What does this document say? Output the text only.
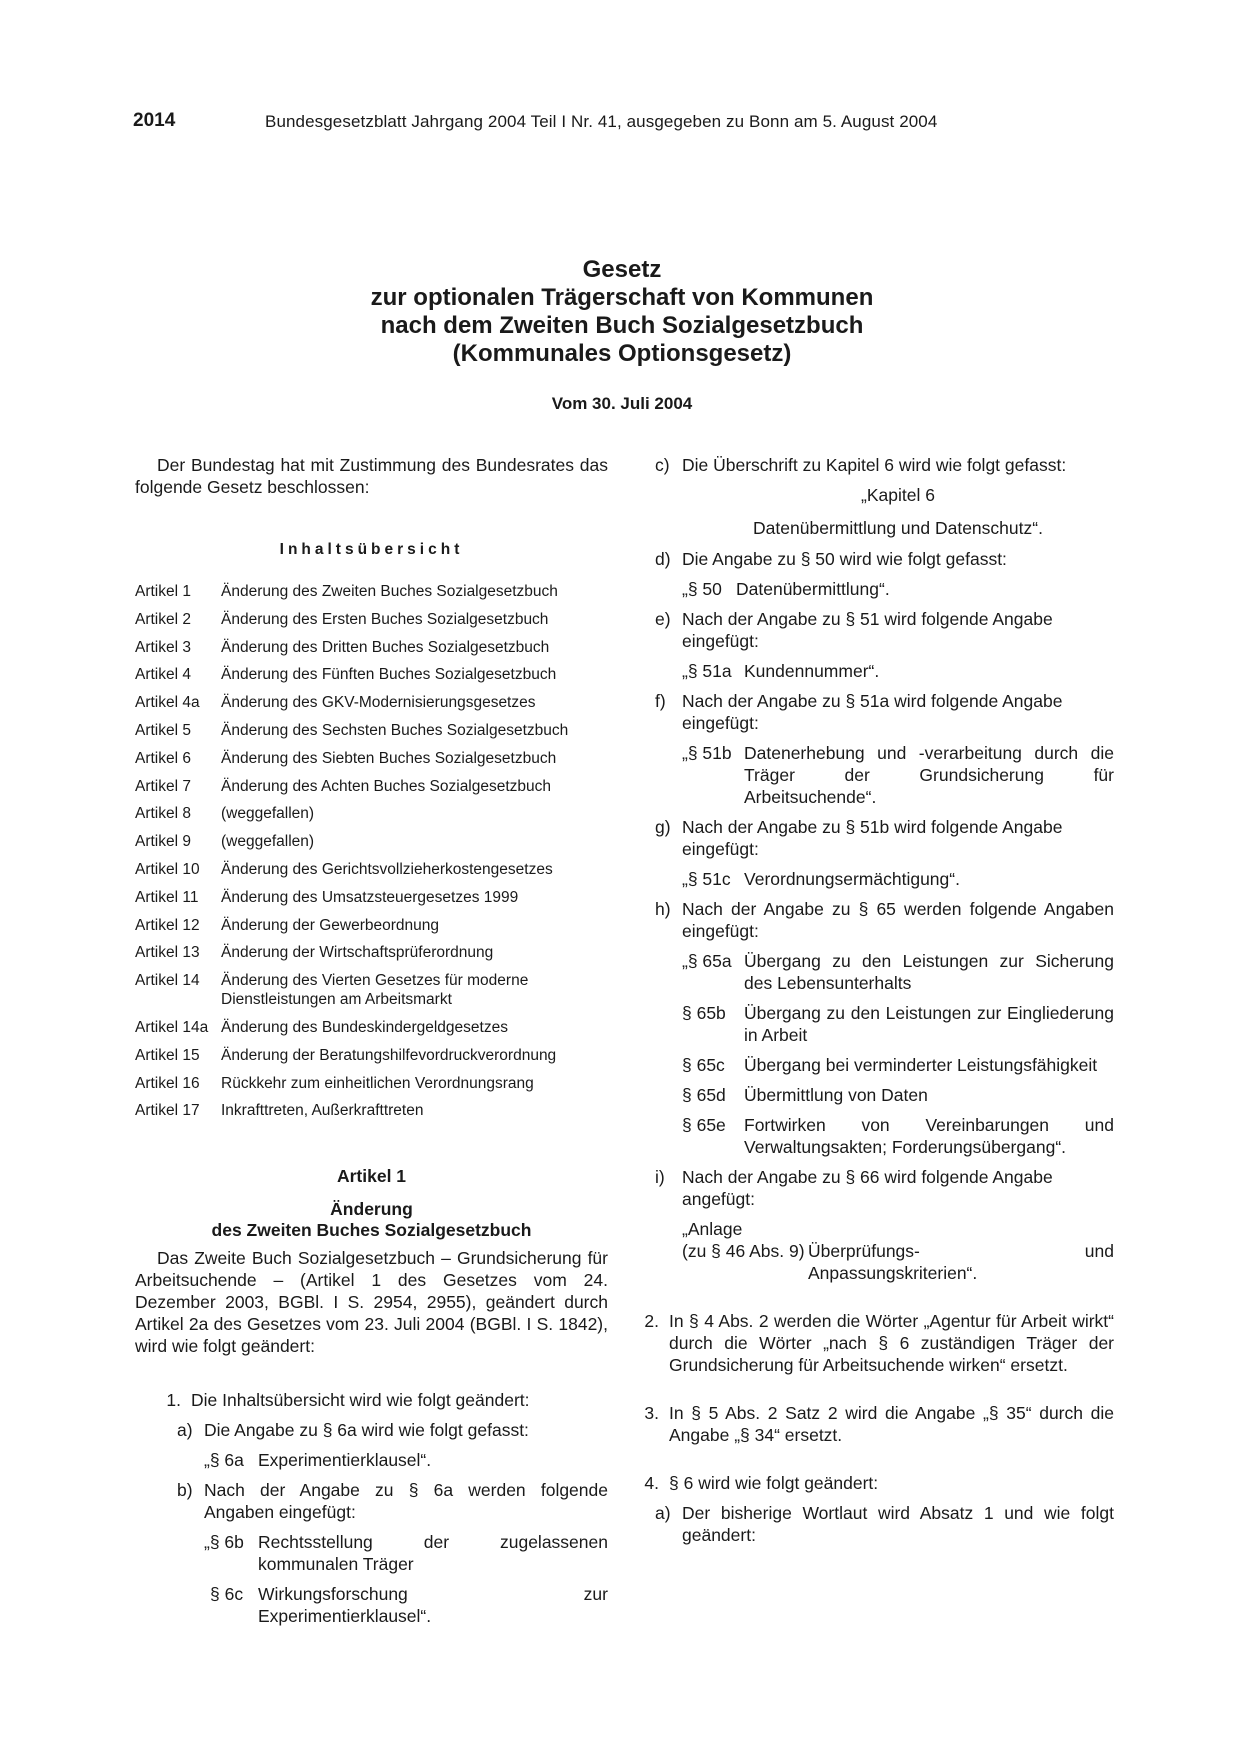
2014	Bundesgesetzblatt Jahrgang 2004 Teil I Nr. 41, ausgegeben zu Bonn am 5. August 2004
Gesetz
zur optionalen Trägerschaft von Kommunen
nach dem Zweiten Buch Sozialgesetzbuch
(Kommunales Optionsgesetz)
Vom 30. Juli 2004

Der Bundestag hat mit Zustimmung des Bundesrates das folgende Gesetz beschlossen:

Inhaltsübersicht
Artikel 1	Änderung des Zweiten Buches Sozialgesetzbuch
Artikel 2	Änderung des Ersten Buches Sozialgesetzbuch
Artikel 3	Änderung des Dritten Buches Sozialgesetzbuch
Artikel 4	Änderung des Fünften Buches Sozialgesetzbuch
Artikel 4a	Änderung des GKV-Modernisierungsgesetzes
Artikel 5	Änderung des Sechsten Buches Sozialgesetzbuch
Artikel 6	Änderung des Siebten Buches Sozialgesetzbuch
Artikel 7	Änderung des Achten Buches Sozialgesetzbuch
Artikel 8	(weggefallen)
Artikel 9	(weggefallen)
Artikel 10	Änderung des Gerichtsvollzieherkostengesetzes
Artikel 11	Änderung des Umsatzsteuergesetzes 1999
Artikel 12	Änderung der Gewerbeordnung
Artikel 13	Änderung der Wirtschaftsprüferordnung
Artikel 14	Änderung des Vierten Gesetzes für moderne Dienstleistungen am Arbeitsmarkt
Artikel 14a Änderung des Bundeskindergeldgesetzes
Artikel 15	Änderung der Beratungshilfevordruckverordnung
Artikel 16	Rückkehr zum einheitlichen Verordnungsrang
Artikel 17	Inkrafttreten, Außerkrafttreten
Artikel 1
Änderung
des Zweiten Buches Sozialgesetzbuch

Das Zweite Buch Sozialgesetzbuch – Grundsicherung für Arbeitsuchende – (Artikel 1 des Gesetzes vom 24. Dezember 2003, BGBl. I S. 2954, 2955), geändert durch Artikel 2a des Gesetzes vom 23. Juli 2004 (BGBl. I S. 1842), wird wie folgt geändert:

1. Die Inhaltsübersicht wird wie folgt geändert:
a) Die Angabe zu § 6a wird wie folgt gefasst:
„§ 6a Experimentierklausel“.
b) Nach der Angabe zu § 6a werden folgende Angaben eingefügt:
„§ 6b Rechtsstellung der zugelassenen kommunalen Träger
§ 6c Wirkungsforschung zur Experimentierklausel“.
c) Die Überschrift zu Kapitel 6 wird wie folgt gefasst:
„Kapitel 6
Datenübermittlung und Datenschutz“.
d) Die Angabe zu § 50 wird wie folgt gefasst:
„§ 50 Datenübermittlung“.
e) Nach der Angabe zu § 51 wird folgende Angabe eingefügt:
„§ 51a Kundennummer“.
f) Nach der Angabe zu § 51a wird folgende Angabe eingefügt:
„§ 51b Datenerhebung und -verarbeitung durch die Träger der Grundsicherung für Arbeitsuchende“.
g) Nach der Angabe zu § 51b wird folgende Angabe eingefügt:
„§ 51c Verordnungsermächtigung“.
h) Nach der Angabe zu § 65 werden folgende Angaben eingefügt:
„§ 65a Übergang zu den Leistungen zur Sicherung des Lebensunterhalts
§ 65b	Übergang zu den Leistungen zur Eingliederung in Arbeit
§ 65c	Übergang bei verminderter Leistungsfähigkeit
§ 65d	Übermittlung von Daten
§ 65e	Fortwirken von Vereinbarungen und Verwaltungsakten; Forderungsübergang“.
i) Nach der Angabe zu § 66 wird folgende Angabe angefügt:
„Anlage
(zu § 46 Abs. 9) Überprüfungs- und Anpassungskriterien“.
2. In § 4 Abs. 2 werden die Wörter „Agentur für Arbeit wirkt“ durch die Wörter „nach § 6 zuständigen Träger der Grundsicherung für Arbeitsuchende wirken“ ersetzt.
3. In § 5 Abs. 2 Satz 2 wird die Angabe „§ 35“ durch die Angabe „§ 34“ ersetzt.
4. § 6 wird wie folgt geändert:
a) Der bisherige Wortlaut wird Absatz 1 und wie folgt geändert:
